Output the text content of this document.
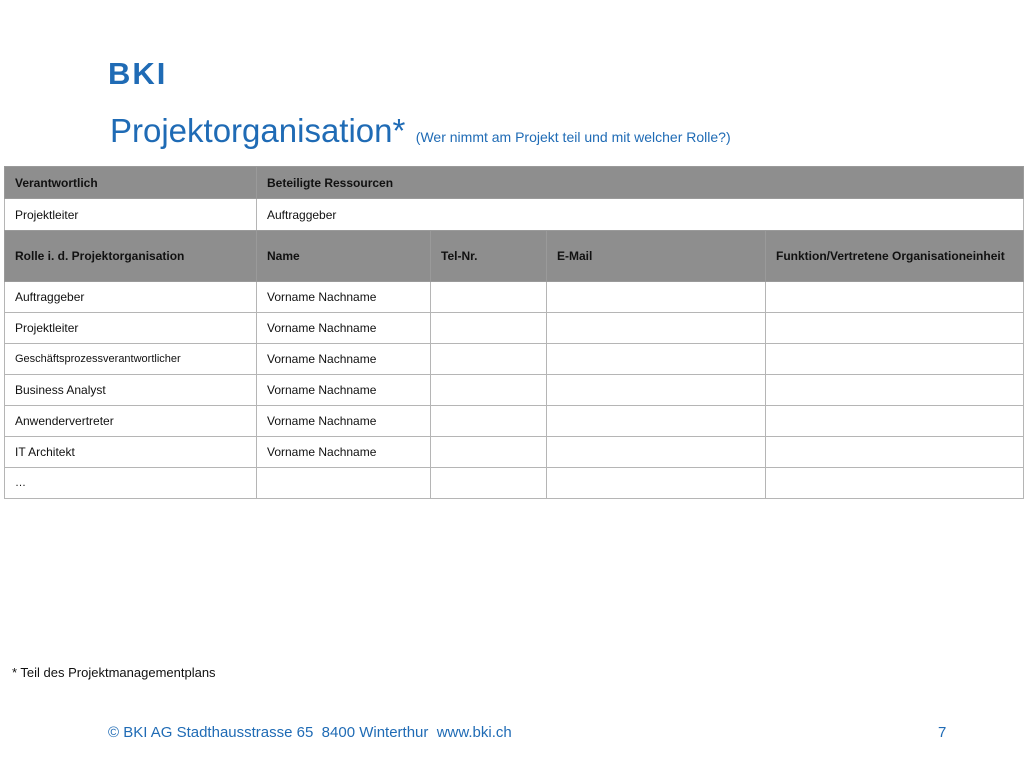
BKI
Projektorganisation* (Wer nimmt am Projekt teil und mit welcher Rolle?)
Verantwortlich	Beteiligte Ressourcen
Projektleiter	Auftraggeber
Rolle i. d. Projektorganisation	Name	Tel-Nr.	E-Mail	Funktion/Vertretene Organisationeinheit
Auftraggeber	Vorname Nachname			
Projektleiter	Vorname Nachname			
Geschäftsprozessverantwortlicher	Vorname Nachname			
Business Analyst	Vorname Nachname			
Anwendervertreter	Vorname Nachname			
IT Architekt	Vorname Nachname			
…				
* Teil des Projektmanagementplans
© BKI AG Stadthausstrasse 65  8400 Winterthur  www.bki.ch	7
